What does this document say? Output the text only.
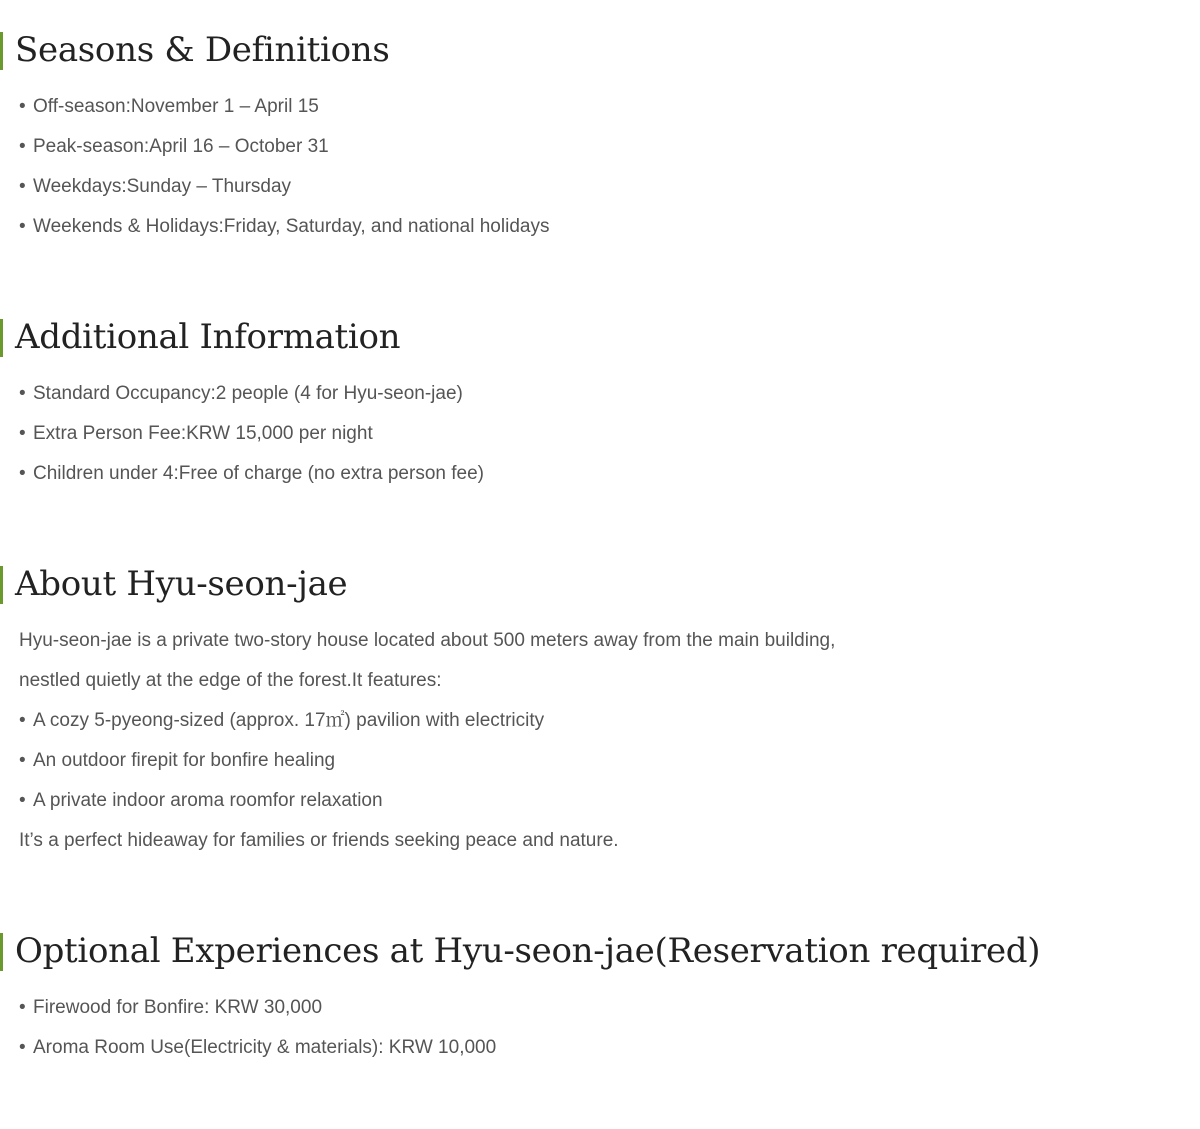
Seasons & Definitions
• Off-season:November 1 – April 15
• Peak-season:April 16 – October 31
• Weekdays:Sunday – Thursday
• Weekends & Holidays:Friday, Saturday, and national holidays
Additional Information
• Standard Occupancy:2 people (4 for Hyu-seon-jae)
• Extra Person Fee:KRW 15,000 per night
• Children under 4:Free of charge (no extra person fee)
About Hyu-seon-jae

Hyu-seon-jae is a private two-story house located about 500 meters away from the main building,

nestled quietly at the edge of the forest.It features:

• A cozy 5-pyeong-sized (approx. 17㎡) pavilion with electricity
• An outdoor firepit for bonfire healing
• A private indoor aroma roomfor relaxation

It’s a perfect hideaway for families or friends seeking peace and nature.

Optional Experiences at Hyu-seon-jae(Reservation required)
• Firewood for Bonfire: KRW 30,000
• Aroma Room Use(Electricity & materials): KRW 10,000
